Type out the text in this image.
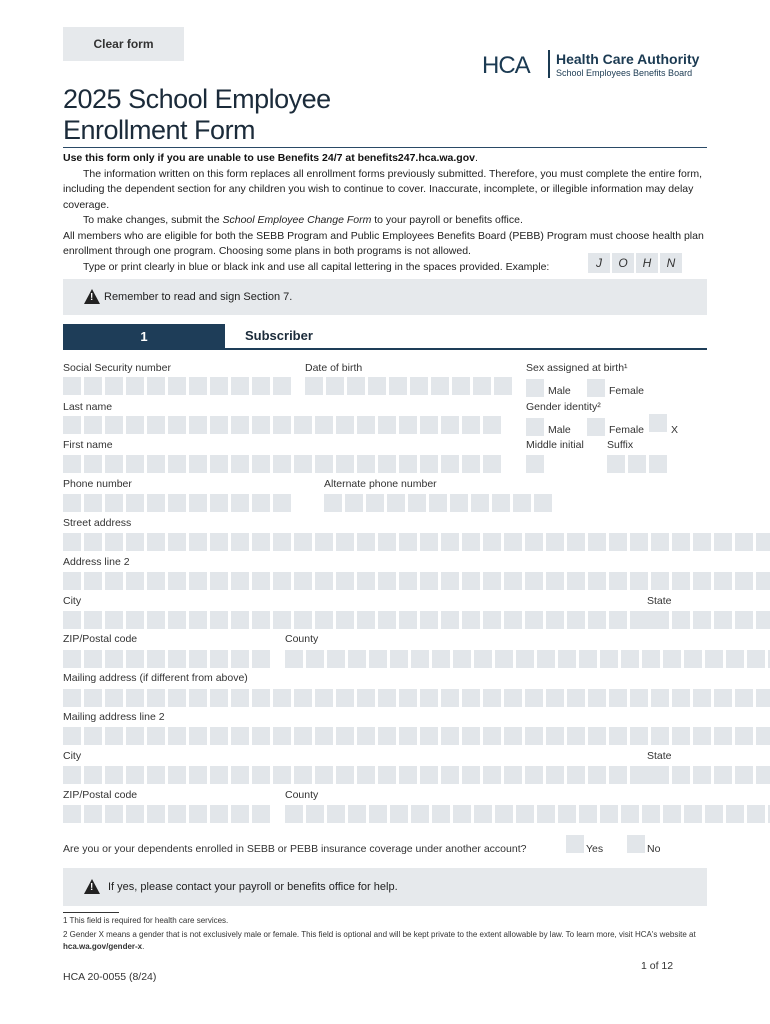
Clear form
HCA Health Care Authority
School Employees Benefits Board
2025 School Employee
Enrollment Form
Use this form only if you are unable to use Benefits 24/7 at benefits247.hca.wa.gov.
The information written on this form replaces all enrollment forms previously submitted. Therefore, you must complete the entire form, including the dependent section for any children you wish to continue to cover. Inaccurate, incomplete, or illegible information may delay coverage.
To make changes, submit the School Employee Change Form to your payroll or benefits office.
All members who are eligible for both the SEBB Program and Public Employees Benefits Board (PEBB) Program must choose health plan enrollment through one program. Choosing some plans in both programs is not allowed.
Type or print clearly in blue or black ink and use all capital lettering in the spaces provided. Example:	J	O	H	N
!
Remember to read and sign Section 7.
1	Subscriber
Social Security number	Date of birth	Sex assigned at birth¹
Male	Female
Last name	Gender identity²
Male	Female	X
First name	Middle initial Suffix
Phone number	Alternate phone number
Street address
Address line 2
City	State
ZIP/Postal code	County
Mailing address (if different from above)
Mailing address line 2
City	State
ZIP/Postal code	County
Are you or your dependents enrolled in SEBB or PEBB insurance coverage under another account?	Yes	No
!
If yes, please contact your payroll or benefits office for help.
1 This field is required for health care services.
2 Gender X means a gender that is not exclusively male or female. This field is optional and will be kept private to the extent allowable by law. To learn more, visit HCA's website at hca.wa.gov/gender-x.
1 of 12
HCA 20-0055 (8/24)
